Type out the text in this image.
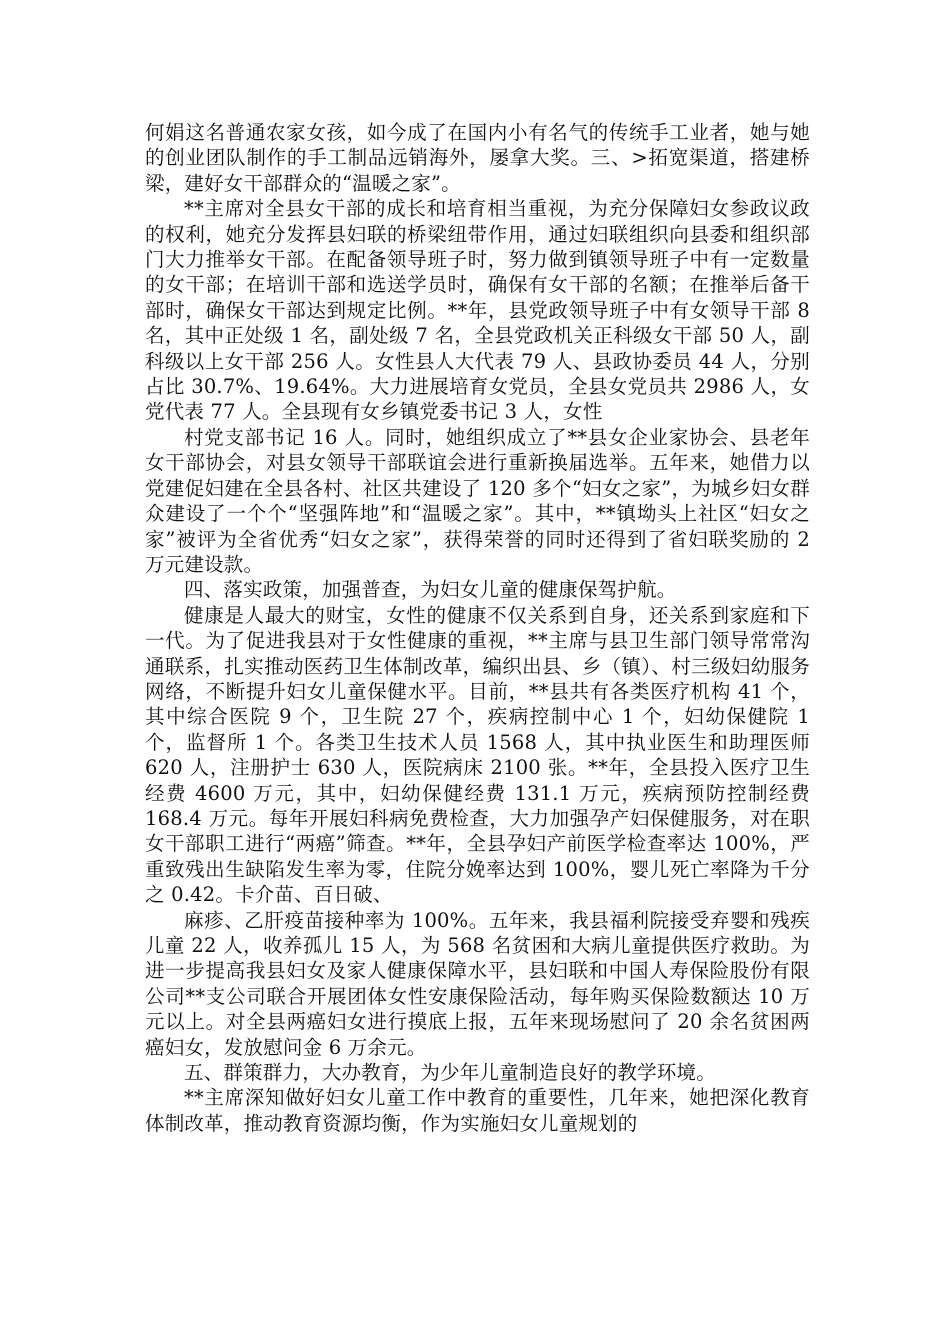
何娟这名普通农家女孩，如今成了在国内小有名气的传统手工业者，她与她的创业团队制作的手工制品远销海外，屡拿大奖。三、>拓宽渠道，搭建桥梁，建好女干部群众的“温暖之家”。

**主席对全县女干部的成长和培育相当重视，为充分保障妇女参政议政的权利，她充分发挥县妇联的桥梁纽带作用，通过妇联组织向县委和组织部门大力推举女干部。在配备领导班子时，努力做到镇领导班子中有一定数量的女干部；在培训干部和选送学员时，确保有女干部的名额；在推举后备干部时，确保女干部达到规定比例。**年，县党政领导班子中有女领导干部 8 名，其中正处级 1 名，副处级 7 名，全县党政机关正科级女干部 50 人，副科级以上女干部 256 人。女性县人大代表 79 人、县政协委员 44 人，分别占比 30.7%、19.64%。大力进展培育女党员，全县女党员共 2986 人，女党代表 77 人。全县现有女乡镇党委书记 3 人，女性

村党支部书记 16 人。同时，她组织成立了**县女企业家协会、县老年女干部协会，对县女领导干部联谊会进行重新换届选举。五年来，她借力以党建促妇建在全县各村、社区共建设了 120 多个“妇女之家”，为城乡妇女群众建设了一个个“坚强阵地”和“温暖之家”。其中，**镇坳头上社区“妇女之家”被评为全省优秀“妇女之家”，获得荣誉的同时还得到了省妇联奖励的 2 万元建设款。

四、落实政策，加强普查，为妇女儿童的健康保驾护航。

健康是人最大的财宝，女性的健康不仅关系到自身，还关系到家庭和下一代。为了促进我县对于女性健康的重视，**主席与县卫生部门领导常常沟通联系，扎实推动医药卫生体制改革，编织出县、乡（镇）、村三级妇幼服务网络，不断提升妇女儿童保健水平。目前，**县共有各类医疗机构 41 个，其中综合医院 9 个，卫生院 27 个，疾病控制中心 1 个，妇幼保健院 1 个，监督所 1 个。各类卫生技术人员 1568 人，其中执业医生和助理医师 620 人，注册护士 630 人，医院病床 2100 张。**年，全县投入医疗卫生经费 4600 万元，其中，妇幼保健经费 131.1 万元，疾病预防控制经费 168.4 万元。每年开展妇科病免费检查，大力加强孕产妇保健服务，对在职女干部职工进行“两癌”筛查。**年，全县孕妇产前医学检查率达 100%，严重致残出生缺陷发生率为零，住院分娩率达到 100%，婴儿死亡率降为千分之 0.42。卡介苗、百日破、

麻疹、乙肝疫苗接种率为 100%。五年来，我县福利院接受弃婴和残疾儿童 22 人，收养孤儿 15 人，为 568 名贫困和大病儿童提供医疗救助。为进一步提高我县妇女及家人健康保障水平，县妇联和中国人寿保险股份有限公司**支公司联合开展团体女性安康保险活动，每年购买保险数额达 10 万元以上。对全县两癌妇女进行摸底上报，五年来现场慰问了 20 余名贫困两癌妇女，发放慰问金 6 万余元。

五、群策群力，大办教育，为少年儿童制造良好的教学环境。

**主席深知做好妇女儿童工作中教育的重要性，几年来，她把深化教育体制改革，推动教育资源均衡，作为实施妇女儿童规划的
